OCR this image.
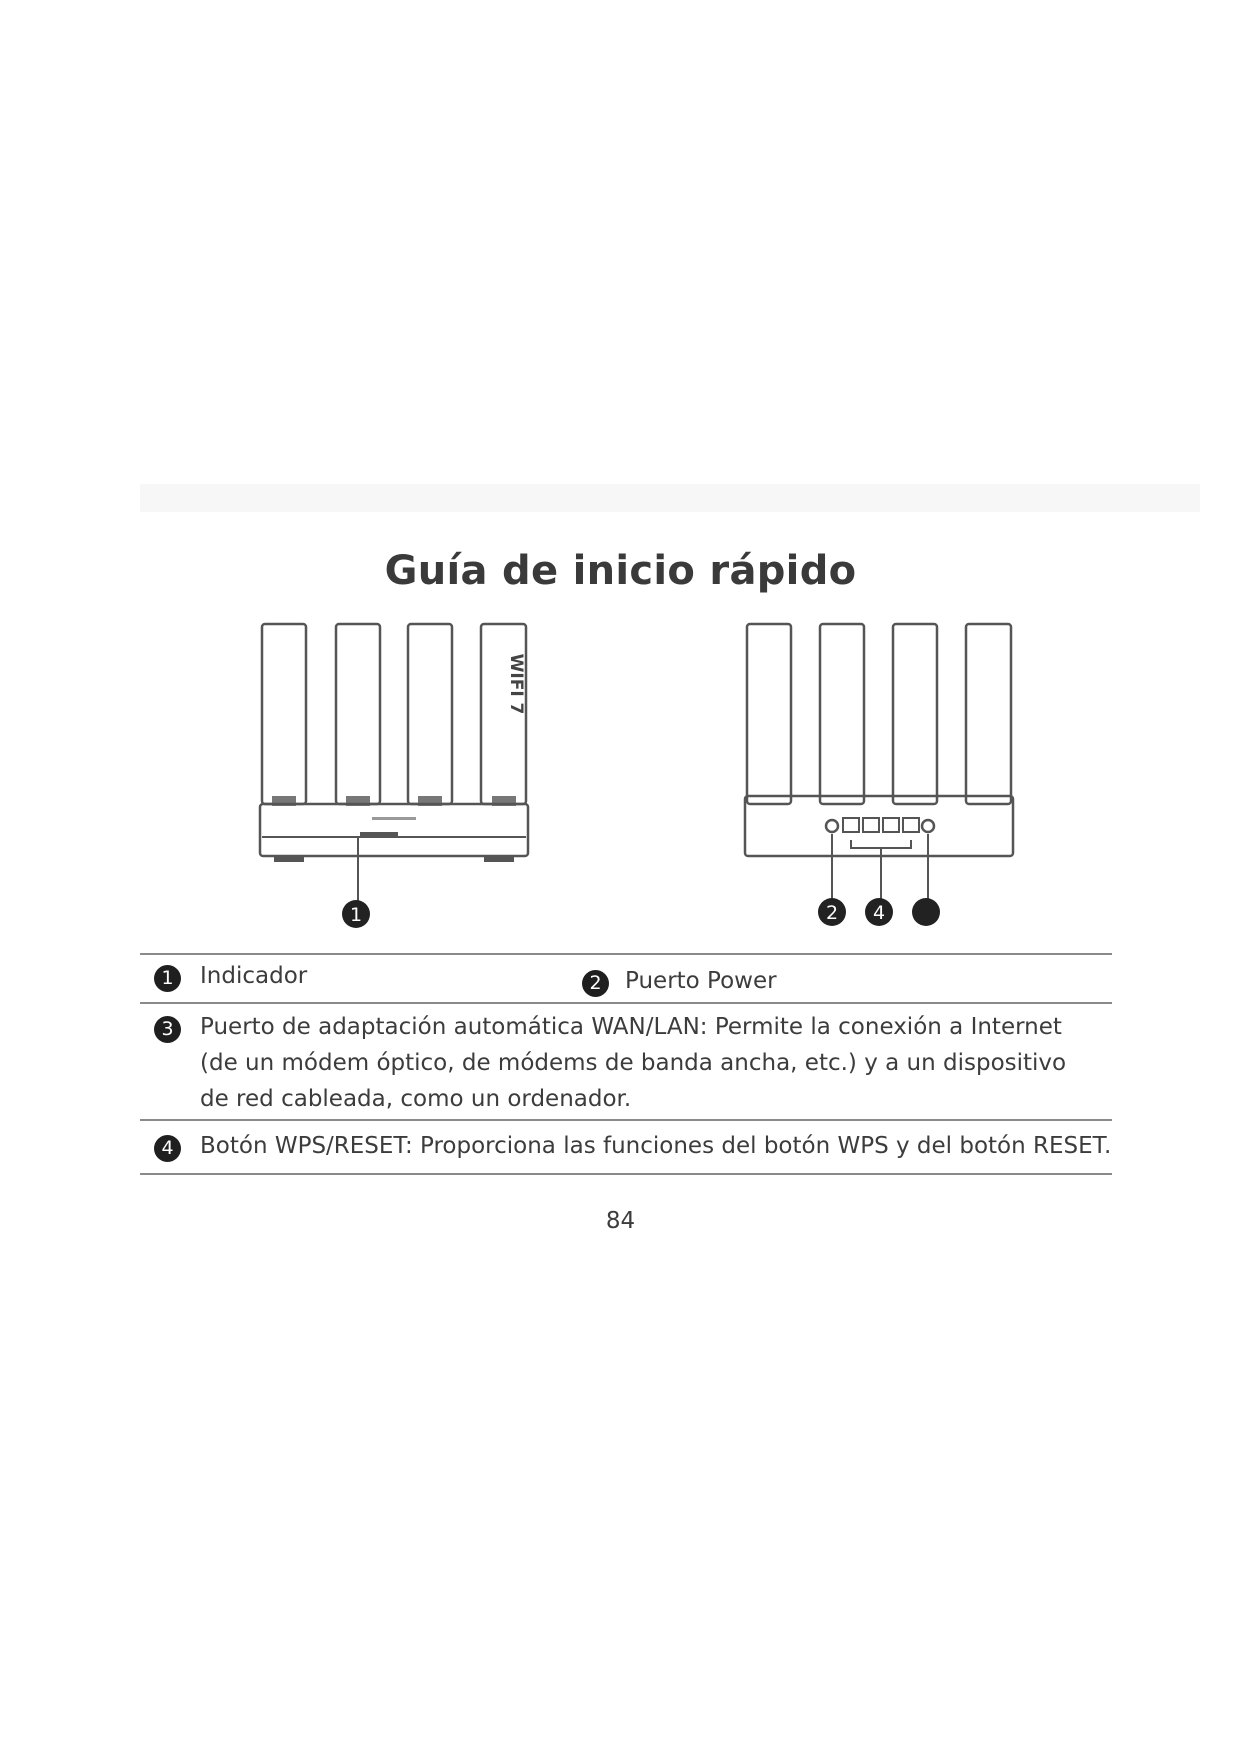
Guía de inicio rápido
WIFI 7
1	2 4
1	Indicador	2	Puerto Power
3	Puerto de adaptación automática WAN/LAN: Permite la conexión a Internet (de un módem óptico, de módems de banda ancha, etc.) y a un dispositivo de red cableada, como un ordenador.
4	Botón WPS/RESET: Proporciona las funciones del botón WPS y del botón RESET.
84
